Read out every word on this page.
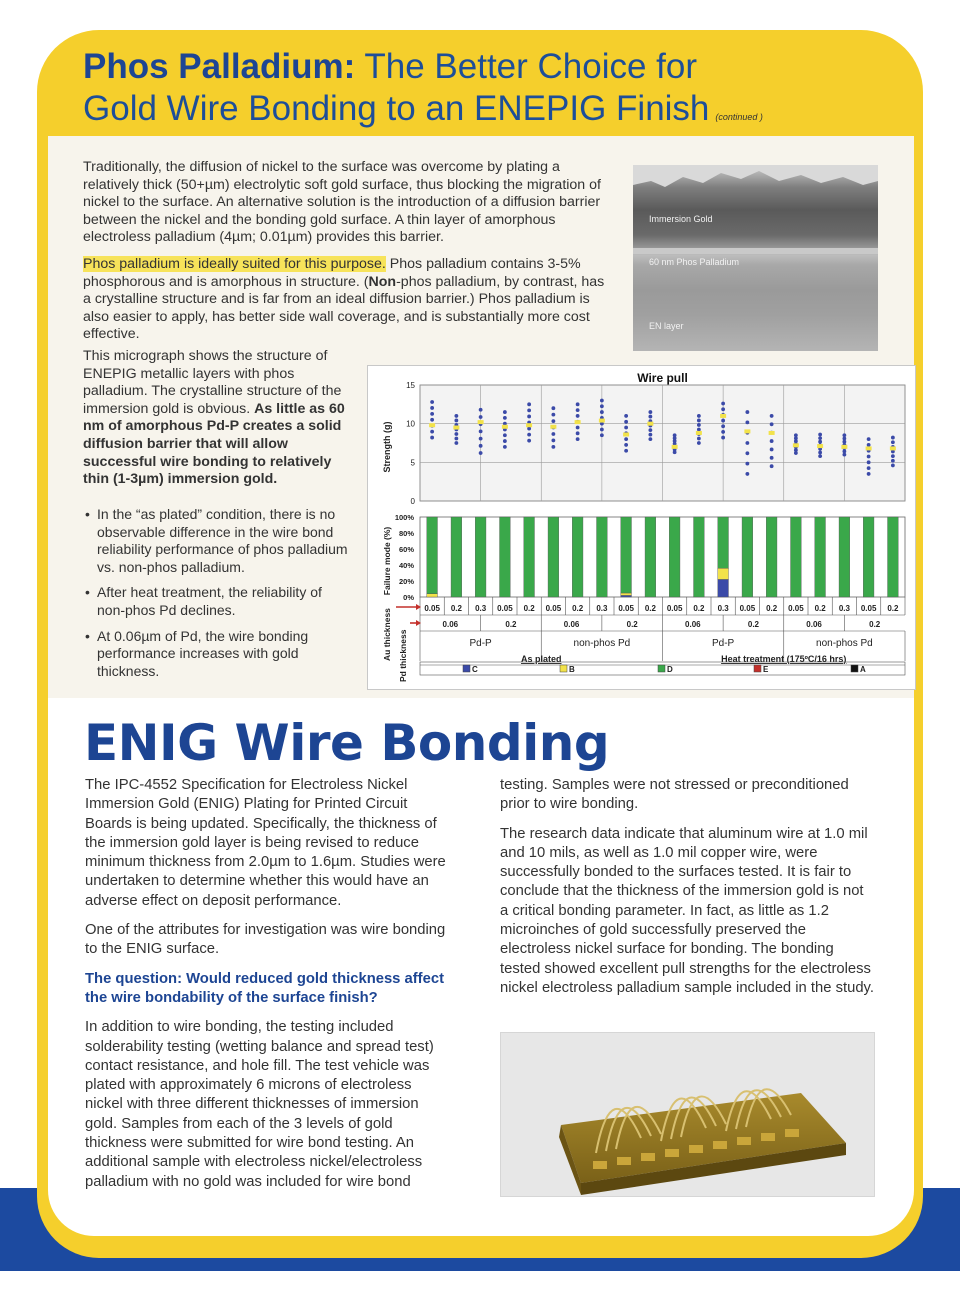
Phos Palladium: The Better Choice for
Gold Wire Bonding to an ENEPIG Finish (continued )

Traditionally, the diffusion of nickel to the surface was overcome by plating a relatively thick (50+µm) electrolytic soft gold surface, thus blocking the migration of nickel to the surface. An alternative solution is the introduction of a diffusion barrier between the nickel and the bonding gold surface. A thin layer of amorphous electroless palladium (4µm; 0.01µm) provides this barrier.

Phos palladium is ideally suited for this purpose. Phos palladium contains 3-5% phosphorous and is amorphous in structure. (Non-phos palladium, by contrast, has a crystalline structure and is far from an ideal diffusion barrier.) Phos palladium is also easier to apply, has better side wall coverage, and is substantially more cost effective.

This micrograph shows the structure of ENEPIG metallic layers with phos palladium. The crystalline structure of the immersion gold is obvious. As little as 60 nm of amorphous Pd-P creates a solid diffusion barrier that will allow successful wire bonding to relatively thin (1-3µm) immersion gold.

• In the “as plated” condition, there is no observable difference in the wire bond reliability performance of phos palladium vs. non-phos palladium.
• After heat treatment, the reliability of non-phos Pd declines.
• At 0.06µm of Pd, the wire bonding performance increases with gold thickness.
Immersion Gold
60 nm Phos Palladium
EN layer
Wire pull
15
10
5
0
Strength (g)
100%
80%
60%
40%
20%
0%
Failure mode (%)
0.05 0.2 0.3 0.05 0.2 0.05 0.2 0.3 0.05 0.2 0.05 0.2 0.3 0.05 0.2 0.05 0.2 0.3 0.05 0.2
0.06	0.2	0.06	0.2	0.06	0.2	0.06	0.2
Pd-P	non-phos Pd	Pd-P	non-phos Pd
As plated	Heat treatment (175ºC/16 hrs)
Au thickness Pd thickness	C	B	D	E	A
ENIG Wire Bonding

The IPC-4552 Specification for Electroless Nickel Immersion Gold (ENIG) Plating for Printed Circuit Boards is being updated. Specifically, the thickness of the immersion gold layer is being revised to reduce minimum thickness from 2.0µm to 1.6µm. Studies were undertaken to determine whether this would have an adverse effect on deposit performance.

One of the attributes for investigation was wire bonding to the ENIG surface.

The question: Would reduced gold thickness affect the wire bondability of the surface finish?

In addition to wire bonding, the testing included solderability testing (wetting balance and spread test) contact resistance, and hole fill. The test vehicle was plated with approximately 6 microns of electroless nickel with three different thicknesses of immersion gold. Samples from each of the 3 levels of gold thickness were submitted for wire bond testing. An additional sample with electroless nickel/electroless palladium with no gold was included for wire bond

testing. Samples were not stressed or preconditioned prior to wire bonding.

The research data indicate that aluminum wire at 1.0 mil and 10 mils, as well as 1.0 mil copper wire, were successfully bonded to the surfaces tested. It is fair to conclude that the thickness of the immersion gold is not a critical bonding parameter. In fact, as little as 1.2 microinches of gold successfully preserved the electroless nickel surface for bonding. The bonding tested showed excellent pull strengths for the electroless nickel electroless palladium sample included in the study.
